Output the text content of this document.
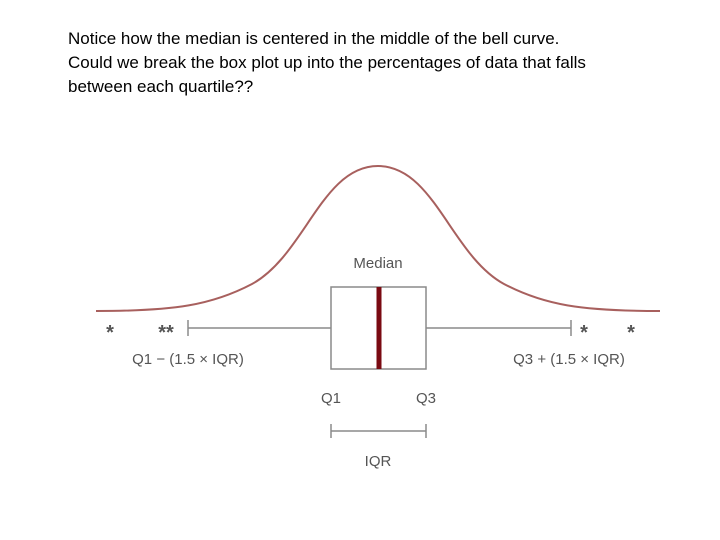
Notice how the median is centered in the middle of the bell curve.
Could we break the box plot up into the percentages of data that falls
between each quartile??
Median
* **	* *
Q1 − (1.5 × IQR)	Q3 + (1.5 × IQR)
Q1	Q3
IQR
